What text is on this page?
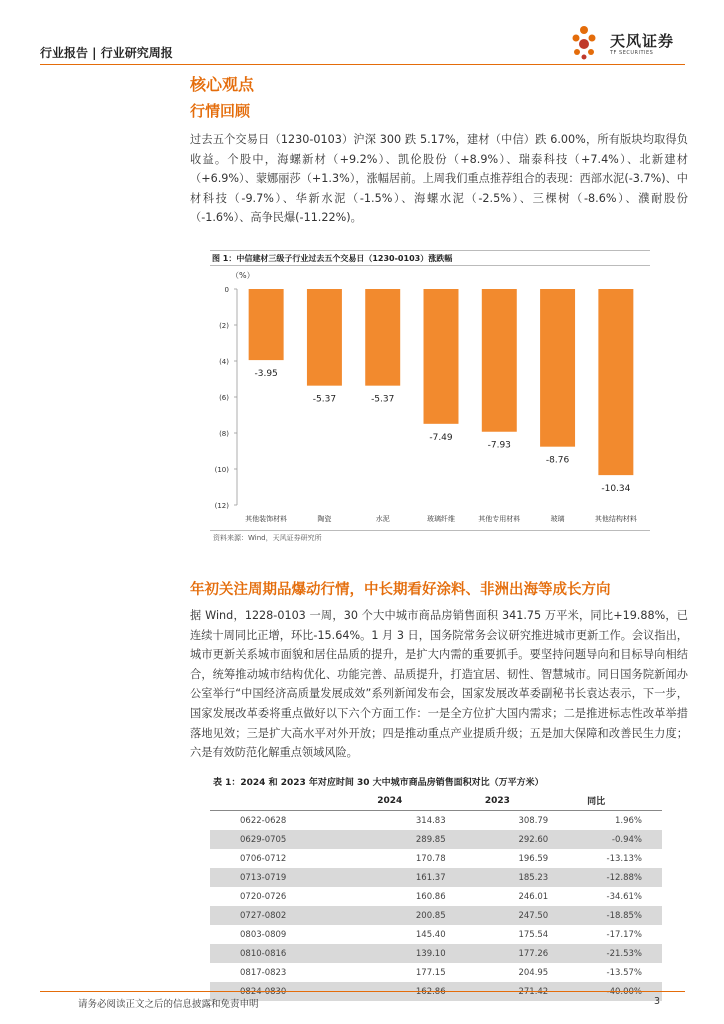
行业报告 | 行业研究周报
天风证券
TF SECURITIES
核心观点
行情回顾
过去五个交易日（1230-0103）沪深 300 跌 5.17%，建材（中信）跌 6.00%，所有版块均取得负收益。个股中，海螺新材（+9.2%）、凯伦股份（+8.9%）、瑞泰科技（+7.4%）、北新建材（+6.9%）、蒙娜丽莎（+1.3%），涨幅居前。上周我们重点推荐组合的表现：西部水泥(-3.7%)、中材科技（-9.7%）、华新水泥（-1.5%）、海螺水泥（-2.5%）、三棵树（-8.6%）、濮耐股份（-1.6%）、高争民爆(-11.22%)。
图 1：中信建材三级子行业过去五个交易日（1230-0103）涨跌幅
（%）
0
(2)
(4)
(6)
(8)
(10)
(12)
-3.95
其他装饰材料
-5.37
陶瓷
-5.37
水泥
-7.49
玻璃纤维
-7.93
其他专用材料
-8.76
玻璃
-10.34
其他结构材料
资料来源：Wind，天风证券研究所
年初关注周期品爆动行情，中长期看好涂料、非洲出海等成长方向
据 Wind，1228-0103 一周，30 个大中城市商品房销售面积 341.75 万平米，同比+19.88%，已连续十周同比正增，环比-15.64%。1 月 3 日，国务院常务会议研究推进城市更新工作。会议指出，城市更新关系城市面貌和居住品质的提升，是扩大内需的重要抓手。要坚持问题导向和目标导向相结合，统筹推动城市结构优化、功能完善、品质提升，打造宜居、韧性、智慧城市。同日国务院新闻办公室举行“中国经济高质量发展成效”系列新闻发布会，国家发展改革委副秘书长袁达表示，下一步，国家发展改革委将重点做好以下六个方面工作：一是全方位扩大国内需求；二是推进标志性改革举措落地见效；三是扩大高水平对外开放；四是推动重点产业提质升级；五是加大保障和改善民生力度；六是有效防范化解重点领域风险。
表 1：2024 和 2023 年对应时间 30 大中城市商品房销售面积对比（万平方米）
	2024	2023	同比
0622-0628	314.83	308.79	1.96%
0629-0705	289.85	292.60	-0.94%
0706-0712	170.78	196.59	-13.13%
0713-0719	161.37	185.23	-12.88%
0720-0726	160.86	246.01	-34.61%
0727-0802	200.85	247.50	-18.85%
0803-0809	145.40	175.54	-17.17%
0810-0816	139.10	177.26	-21.53%
0817-0823	177.15	204.95	-13.57%
0824-0830	162.86	271.42	-40.00%
请务必阅读正文之后的信息披露和免责申明	3
